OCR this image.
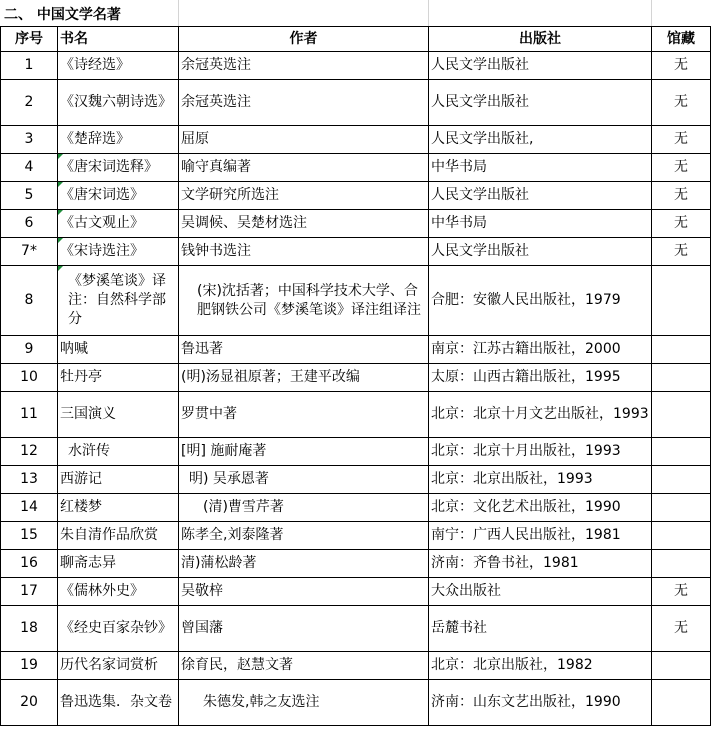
二、 中国文学名著
序号	书名	作者	出版社	馆藏
1	《诗经选》	余冠英选注	人民文学出版社	无
2	《汉魏六朝诗选》	余冠英选注	人民文学出版社	无
3	《楚辞选》	屈原	人民文学出版社,	无
4	《唐宋词选释》	喻守真编著	中华书局	无
5	《唐宋词选》	文学研究所选注	人民文学出版社	无
6	《古文观止》	吴调候、吴楚材选注	中华书局	无
7*	《宋诗选注》	钱钟书选注	人民文学出版社	无
8	《梦溪笔谈》译注：自然科学部分	(宋)沈括著；中国科学技术大学、合肥钢铁公司《梦溪笔谈》译注组译注	合肥：安徽人民出版社，1979	
9	呐喊	鲁迅著	南京：江苏古籍出版社，2000	
10	牡丹亭	(明)汤显祖原著；王建平改编	太原：山西古籍出版社，1995	
11	三国演义	罗贯中著	北京：北京十月文艺出版社，1993	
12	水浒传	[明] 施耐庵著	北京：北京十月出版社，1993	
13	西游记	明) 吴承恩著	北京：北京出版社，1993	
14	红楼梦	(清)曹雪芹著	北京：文化艺术出版社，1990	
15	朱自清作品欣赏	陈孝全,刘泰隆著	南宁：广西人民出版社，1981	
16	聊斋志异	清)蒲松龄著	济南：齐鲁书社，1981	
17	《儒林外史》	吴敬梓	大众出版社	无
18	《经史百家杂钞》	曾国藩	岳麓书社	无
19	历代名家词赏析	徐育民，赵慧文著	北京：北京出版社，1982	
20	鲁迅选集．杂文卷	朱德发,韩之友选注	济南：山东文艺出版社，1990	
